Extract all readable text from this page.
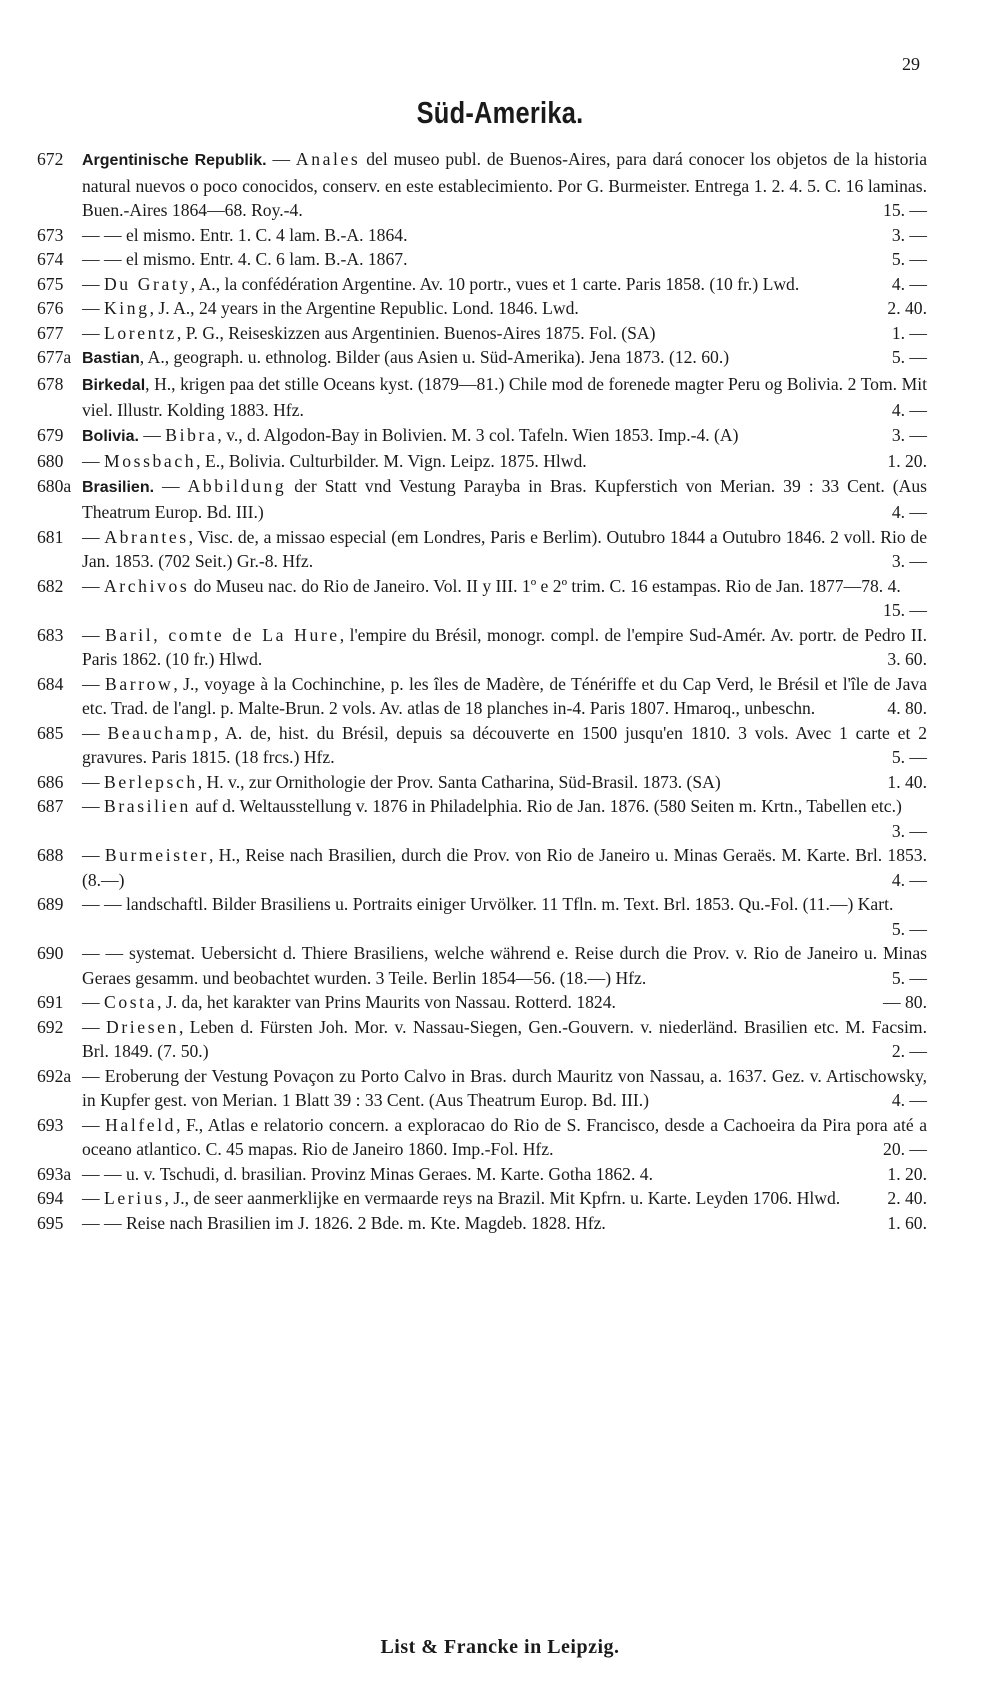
29
Süd-Amerika.
672	Argentinische Republik. — Anales del museo publ. de Buenos-Aires, para dará conocer los objetos de la historia natural nuevos o poco conocidos, conserv. en este establecimiento. Por G. Burmeister. Entrega 1. 2. 4. 5. C. 16 laminas. Buen.-Aires 1864—68. Roy.-4.	15. —
673	— — el mismo. Entr. 1. C. 4 lam. B.-A. 1864.	3. —
674	— — el mismo. Entr. 4. C. 6 lam. B.-A. 1867.	5. —
675	— Du Graty, A., la confédération Argentine. Av. 10 portr., vues et 1 carte. Paris 1858. (10 fr.) Lwd.	4. —
676	— King, J. A., 24 years in the Argentine Republic. Lond. 1846. Lwd.	2. 40.
677	— Lorentz, P. G., Reiseskizzen aus Argentinien. Buenos-Aires 1875. Fol. (SA)	1. —
677a Bastian, A., geograph. u. ethnolog. Bilder (aus Asien u. Süd-Amerika). Jena 1873. (12. 60.)	5. —
678	Birkedal, H., krigen paa det stille Oceans kyst. (1879—81.) Chile mod de forenede magter Peru og Bolivia. 2 Tom. Mit viel. Illustr. Kolding 1883. Hfz.	4. —
679	Bolivia. — Bibra, v., d. Algodon-Bay in Bolivien. M. 3 col. Tafeln. Wien 1853. Imp.-4. (A)	3. —
680	— Mossbach, E., Bolivia. Culturbilder. M. Vign. Leipz. 1875. Hlwd.	1. 20.
680a Brasilien. — Abbildung der Statt vnd Vestung Parayba in Bras. Kupferstich von Merian. 39 : 33 Cent. (Aus Theatrum Europ. Bd. III.)	4. —
681	— Abrantes, Visc. de, a missao especial (em Londres, Paris e Berlim). Outubro 1844 a Outubro 1846. 2 voll. Rio de Jan. 1853. (702 Seit.) Gr.-8. Hfz.	3. —
682	— Archivos do Museu nac. do Rio de Janeiro. Vol. II y III. 1º e 2º trim. C. 16 estampas. Rio de Jan. 1877—78. 4.
15. —
683	— Baril, comte de La Hure, l'empire du Brésil, monogr. compl. de l'empire Sud-Amér. Av. portr. de Pedro II. Paris 1862. (10 fr.) Hlwd.	3. 60.
684	— Barrow, J., voyage à la Cochinchine, p. les îles de Madère, de Ténériffe et du Cap Verd, le Brésil et l'île de Java etc. Trad. de l'angl. p. Malte-Brun. 2 vols. Av. atlas de 18 planches in-4. Paris 1807. Hmaroq., unbeschn.	4. 80.
685	— Beauchamp, A. de, hist. du Brésil, depuis sa découverte en 1500 jusqu'en 1810. 3 vols. Avec 1 carte et 2 gravures. Paris 1815. (18 frcs.) Hfz.	5. —
686	— Berlepsch, H. v., zur Ornithologie der Prov. Santa Catharina, Süd-Brasil. 1873. (SA)	1. 40.
687	— Brasilien auf d. Weltausstellung v. 1876 in Philadelphia. Rio de Jan. 1876. (580 Seiten m. Krtn., Tabellen etc.)
3. —
688	— Burmeister, H., Reise nach Brasilien, durch die Prov. von Rio de Janeiro u. Minas Geraës. M. Karte. Brl. 1853. (8.—)	4. —
689	— — landschaftl. Bilder Brasiliens u. Portraits einiger Urvölker. 11 Tfln. m. Text. Brl. 1853. Qu.-Fol. (11.—) Kart.
5. —
690	— — systemat. Uebersicht d. Thiere Brasiliens, welche während e. Reise durch die Prov. v. Rio de Janeiro u. Minas Geraes gesamm. und beobachtet wurden. 3 Teile. Berlin 1854—56. (18.—) Hfz.	5. —
691	— Costa, J. da, het karakter van Prins Maurits von Nassau. Rotterd. 1824.	— 80.
692	— Driesen, Leben d. Fürsten Joh. Mor. v. Nassau-Siegen, Gen.-Gouvern. v. niederländ. Brasilien etc. M. Facsim. Brl. 1849. (7. 50.)	2. —
692a — Eroberung der Vestung Povaçon zu Porto Calvo in Bras. durch Mauritz von Nassau, a. 1637. Gez. v. Artischowsky, in Kupfer gest. von Merian. 1 Blatt 39 : 33 Cent. (Aus Theatrum Europ. Bd. III.)	4. —
693	— Halfeld, F., Atlas e relatorio concern. a exploracao do Rio de S. Francisco, desde a Cachoeira da Pira pora até a oceano atlantico. C. 45 mapas. Rio de Janeiro 1860. Imp.-Fol. Hfz.	20. —
693a — — u. v. Tschudi, d. brasilian. Provinz Minas Geraes. M. Karte. Gotha 1862. 4.	1. 20.
694	— Lerius, J., de seer aanmerklijke en vermaarde reys na Brazil. Mit Kpfrn. u. Karte. Leyden 1706. Hlwd.	2. 40.
695	— — Reise nach Brasilien im J. 1826. 2 Bde. m. Kte. Magdeb. 1828. Hfz.	1. 60.
List & Francke in Leipzig.
